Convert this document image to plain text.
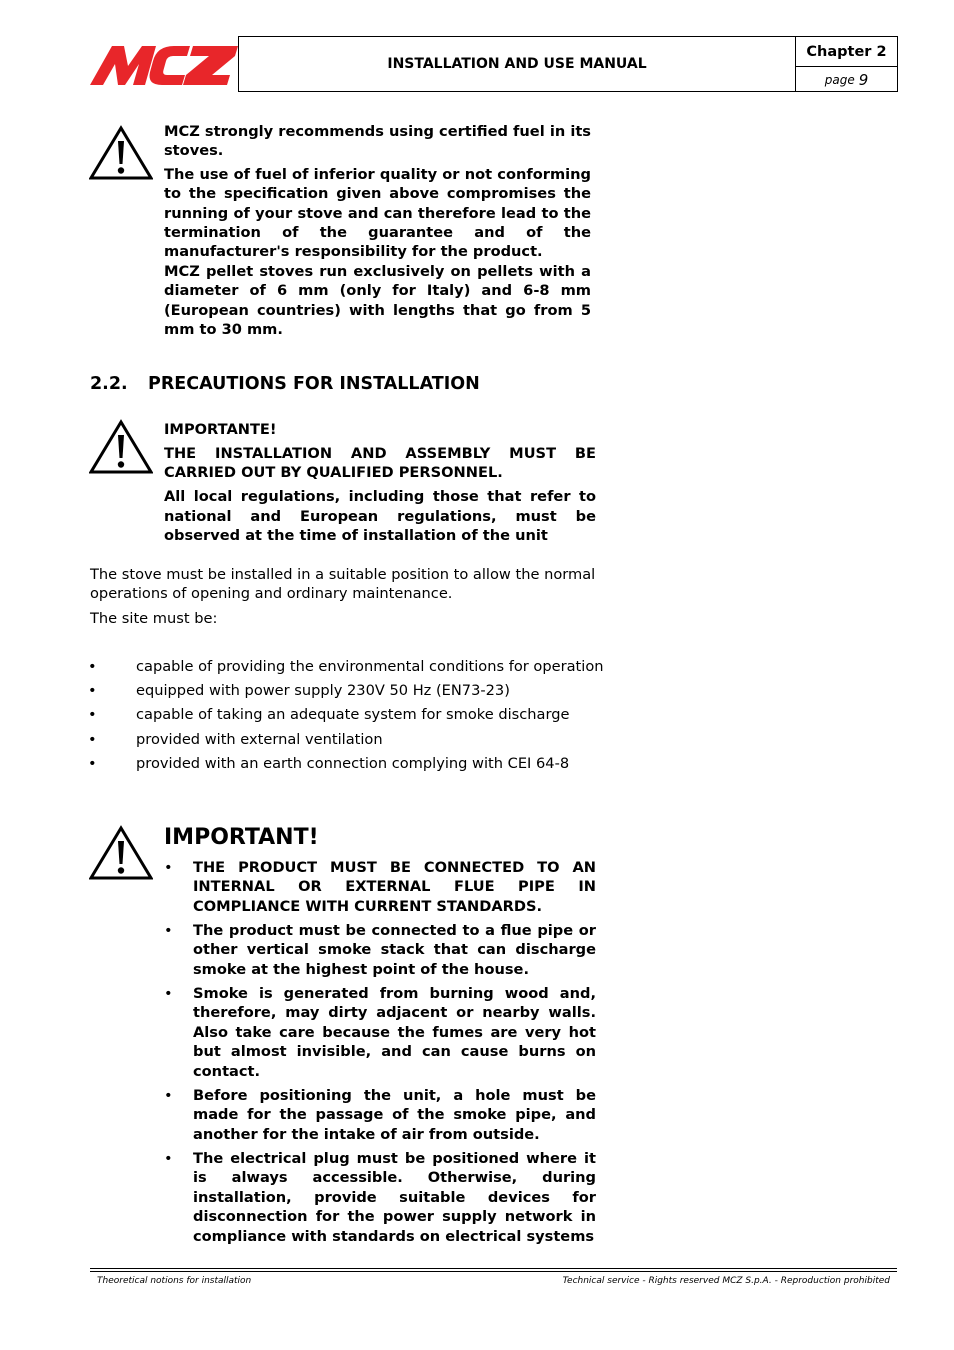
INSTALLATION AND USE MANUAL
Chapter 2
page 9

MCZ strongly recommends using certified fuel in its stoves.

The use of fuel of inferior quality or not conforming to the specification given above compromises the running of your stove and can therefore lead to the termination of the guarantee and of the manufacturer's responsibility for the product.

MCZ pellet stoves run exclusively on pellets with a diameter of 6 mm (only for Italy) and 6-8 mm (European countries) with lengths that go from 5 mm to 30 mm.

2.2. PRECAUTIONS FOR INSTALLATION

IMPORTANTE!

THE INSTALLATION AND ASSEMBLY MUST BE CARRIED OUT BY QUALIFIED PERSONNEL.

All local regulations, including those that refer to national and European regulations, must be observed at the time of installation of the unit

The stove must be installed in a suitable position to allow the normal operations of opening and ordinary maintenance.

The site must be:

• capable of providing the environmental conditions for operation
• equipped with power supply 230V 50 Hz (EN73-23)
• capable of taking an adequate system for smoke discharge
• provided with external ventilation
• provided with an earth connection complying with CEI 64-8
IMPORTANT!
• THE PRODUCT MUST BE CONNECTED TO AN INTERNAL OR EXTERNAL FLUE PIPE IN COMPLIANCE WITH CURRENT STANDARDS.
• The product must be connected to a flue pipe or other vertical smoke stack that can discharge smoke at the highest point of the house.
• Smoke is generated from burning wood and, therefore, may dirty adjacent or nearby walls. Also take care because the fumes are very hot but almost invisible, and can cause burns on contact.
• Before positioning the unit, a hole must be made for the passage of the smoke pipe, and another for the intake of air from outside.
• The electrical plug must be positioned where it is always accessible. Otherwise, during installation, provide suitable devices for disconnection for the power supply network in compliance with standards on electrical systems
Theoretical notions for installation	Technical service - Rights reserved MCZ S.p.A. - Reproduction prohibited
